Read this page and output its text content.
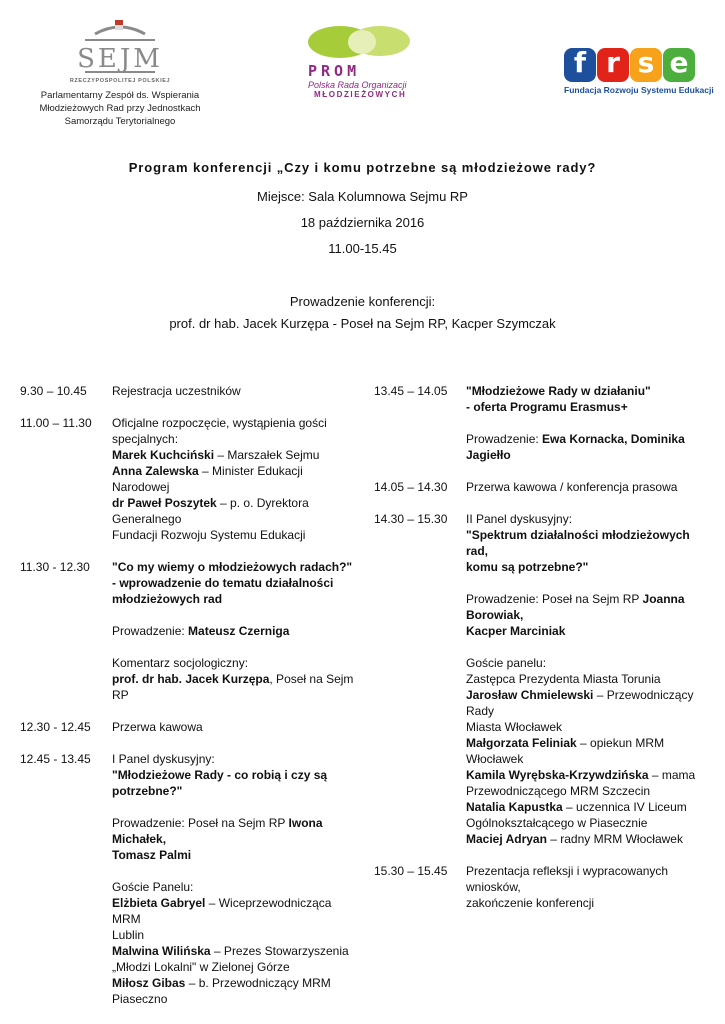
SEJM
RZECZYPOSPOLITEJ POLSKIEJ
Parlamentarny Zespół ds. Wspierania
Młodzieżowych Rad przy Jednostkach
Samorządu Terytorialnego
PROM
Polska Rada Organizacji
MŁODZIEŻOWYCH
f r s e
Fundacja Rozwoju Systemu Edukacji
Program konferencji „Czy i komu potrzebne są młodzieżowe rady?
Miejsce: Sala Kolumnowa Sejmu RP
18 października 2016
11.00-15.45
Prowadzenie konferencji:
prof. dr hab. Jacek Kurzępa - Poseł na Sejm RP, Kacper Szymczak
9.30 – 10.45	Rejestracja uczestników
11.00 – 11.30	Oficjalne rozpoczęcie, wystąpienia gości
specjalnych:
Marek Kuchciński – Marszałek Sejmu
Anna Zalewska – Minister Edukacji Narodowej
dr Paweł Poszytek – p. o. Dyrektora Generalnego
Fundacji Rozwoju Systemu Edukacji
11.30 - 12.30	"Co my wiemy o młodzieżowych radach?"
- wprowadzenie do tematu działalności
młodzieżowych rad

Prowadzenie: Mateusz Czerniga

Komentarz socjologiczny:
prof. dr hab. Jacek Kurzępa, Poseł na Sejm RP
12.30 - 12.45	Przerwa kawowa
12.45 - 13.45	I Panel dyskusyjny:
"Młodzieżowe Rady - co robią i czy są
potrzebne?"

Prowadzenie: Poseł na Sejm RP Iwona Michałek,
Tomasz Palmi

Goście Panelu:
Elżbieta Gabryel – Wiceprzewodnicząca MRM
Lublin
Malwina Wilińska – Prezes Stowarzyszenia
„Młodzi Lokalni" w Zielonej Górze
Miłosz Gibas – b. Przewodniczący MRM Piaseczno
13.45 – 14.05	"Młodzieżowe Rady w działaniu"
- oferta Programu Erasmus+

Prowadzenie: Ewa Kornacka, Dominika Jagiełło
14.05 – 14.30	Przerwa kawowa / konferencja prasowa
14.30 – 15.30	II Panel dyskusyjny:
"Spektrum działalności młodzieżowych rad,
komu są potrzebne?"

Prowadzenie: Poseł na Sejm RP Joanna Borowiak,
Kacper Marciniak

Goście panelu:
Zastępca Prezydenta Miasta Torunia
Jarosław Chmielewski – Przewodniczący Rady
Miasta Włocławek
Małgorzata Feliniak – opiekun MRM Włocławek
Kamila Wyrębska-Krzywdzińska – mama
Przewodniczącego MRM Szczecin
Natalia Kapustka – uczennica IV Liceum
Ogólnokształcącego w Piasecznie
Maciej Adryan – radny MRM Włocławek
15.30 – 15.45	Prezentacja refleksji i wypracowanych wniosków,
zakończenie konferencji
